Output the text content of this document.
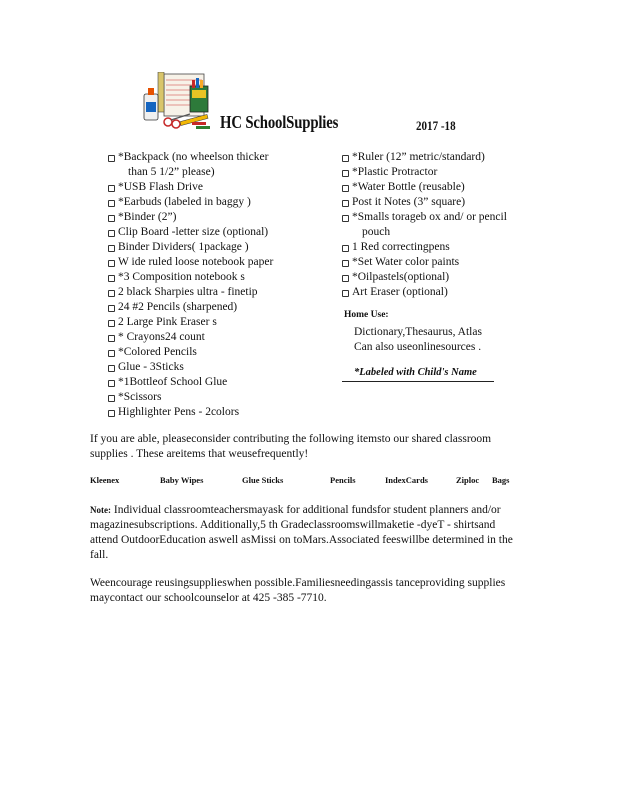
HC SchoolSupplies	2017 -18
*Backpack (no wheelson thicker
than 5 1/2” please)
*USB Flash Drive
*Earbuds (labeled in baggy )
*Binder (2”)
Clip Board -letter size (optional)
Binder Dividers( 1package )
W ide ruled loose notebook paper
*3 Composition notebook s
2 black Sharpies ultra - finetip
24 #2 Pencils (sharpened)
2 Large Pink Eraser s
* Crayons24 count
*Colored Pencils
Glue - 3Sticks
*1Bottleof School Glue
*Scissors
Highlighter Pens - 2colors
*Ruler (12” metric/standard)
*Plastic Protractor
*Water Bottle (reusable)
Post it Notes (3” square)
*Smalls torageb ox and/ or pencil
pouch
1 Red correctingpens
*Set Water color paints
*Oilpastels(optional)
Art Eraser (optional)
Home Use:
Dictionary,Thesaurus, Atlas
Can also useonlinesources .
*Labeled with Child's Name
If you are able, pleaseconsider contributing the following itemsto our shared classroom supplies . These areitems that weusefrequently!
Kleenex	Baby Wipes	Glue Sticks	Pencils	IndexCards	Ziploc Bags
Note: Individual classroomteachersmayask for additional fundsfor student planners and/or magazinesubscriptions. Additionally,5 th Gradeclassroomswillmaketie -dyeT - shirtsand attend OutdoorEducation aswell asMissi on toMars.Associated feeswillbe determined in the fall.
Weencourage reusingsupplieswhen possible.Familiesneedingassis tanceproviding supplies maycontact our schoolcounselor at 425 -385 -7710.
